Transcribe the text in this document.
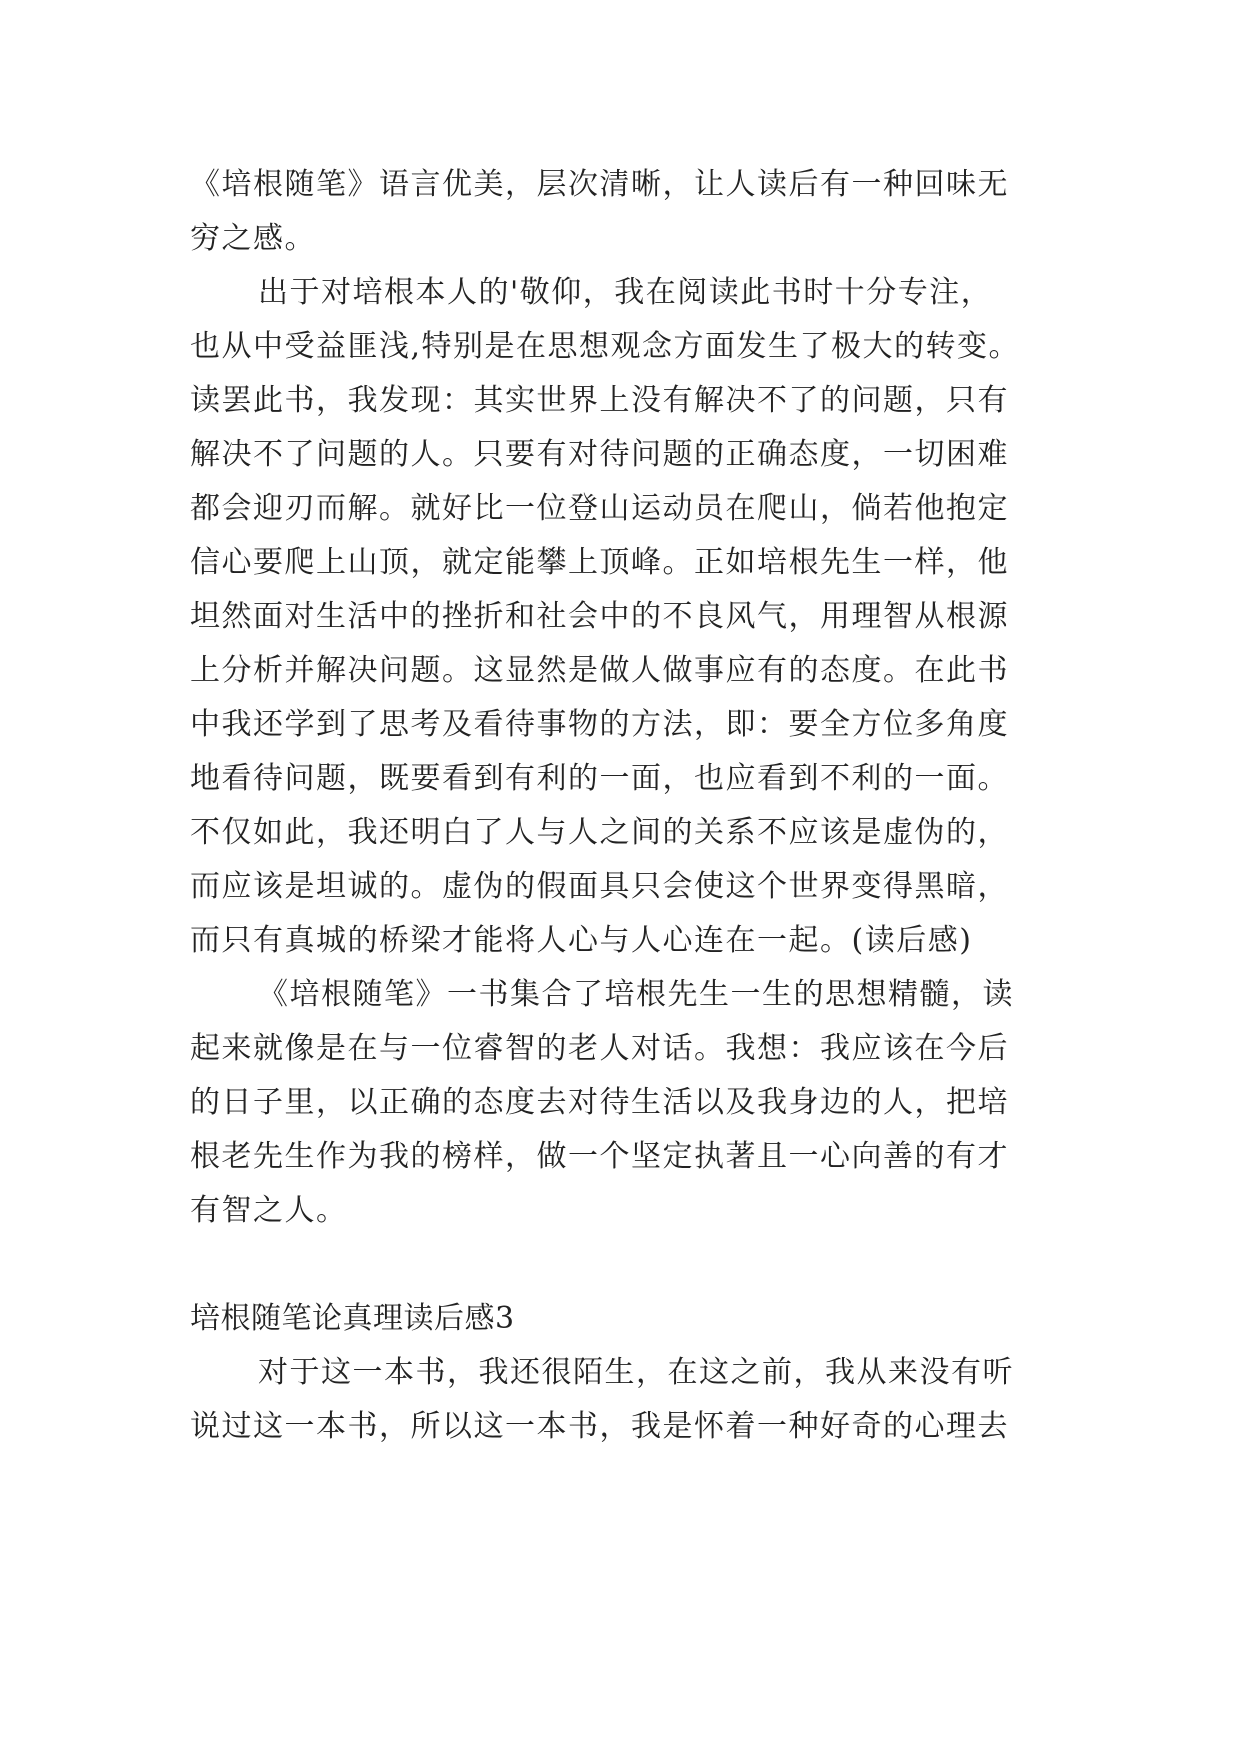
《培根随笔》语言优美，层次清晰，让人读后有一种回味无
穷之感。
出于对培根本人的'敬仰，我在阅读此书时十分专注，
也从中受益匪浅,特别是在思想观念方面发生了极大的转变。
读罢此书，我发现：其实世界上没有解决不了的问题，只有
解决不了问题的人。只要有对待问题的正确态度，一切困难
都会迎刃而解。就好比一位登山运动员在爬山，倘若他抱定
信心要爬上山顶，就定能攀上顶峰。正如培根先生一样，他
坦然面对生活中的挫折和社会中的不良风气，用理智从根源
上分析并解决问题。这显然是做人做事应有的态度。在此书
中我还学到了思考及看待事物的方法，即：要全方位多角度
地看待问题，既要看到有利的一面，也应看到不利的一面。
不仅如此，我还明白了人与人之间的关系不应该是虚伪的，
而应该是坦诚的。虚伪的假面具只会使这个世界变得黑暗，
而只有真城的桥梁才能将人心与人心连在一起。(读后感)
《培根随笔》一书集合了培根先生一生的思想精髓，读
起来就像是在与一位睿智的老人对话。我想：我应该在今后
的日子里，以正确的态度去对待生活以及我身边的人，把培
根老先生作为我的榜样，做一个坚定执著且一心向善的有才
有智之人。
培根随笔论真理读后感3
对于这一本书，我还很陌生，在这之前，我从来没有听
说过这一本书，所以这一本书，我是怀着一种好奇的心理去
